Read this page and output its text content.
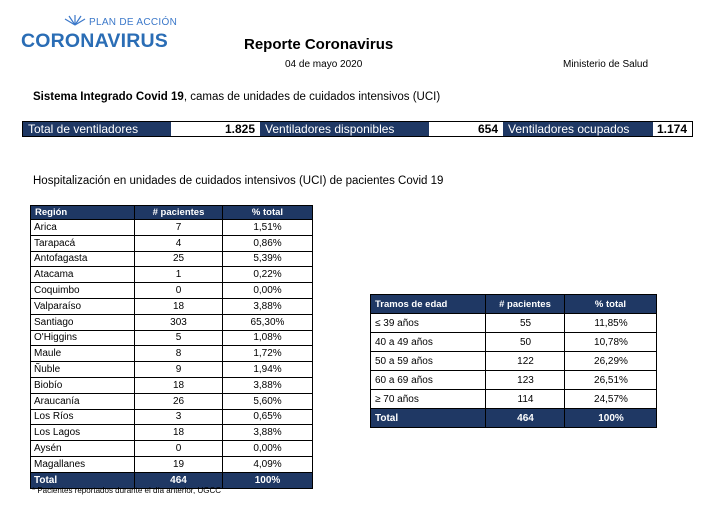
PLAN DE ACCIÓN
CORONAVIRUS	Reporte Coronavirus
04 de mayo 2020	Ministerio de Salud
Sistema Integrado Covid 19, camas de unidades de cuidados intensivos (UCI)
Total de ventiladores	1.825 Ventiladores disponibles	654 Ventiladores ocupados	1.174
Hospitalización en unidades de cuidados intensivos (UCI) de pacientes Covid 19
Región	# pacientes	% total
Arica	7	1,51%
Tarapacá	4	0,86%
Antofagasta	25	5,39%
Atacama	1	0,22%
Coquimbo	0	0,00%
Valparaíso	18	3,88%
Santiago	303	65,30%
O'Higgins	5	1,08%
Maule	8	1,72%
Ñuble	9	1,94%
Biobío	18	3,88%
Araucanía	26	5,60%
Los Ríos	3	0,65%
Los Lagos	18	3,88%
Aysén	0	0,00%
Magallanes	19	4,09%
Total	464	100%
Tramos de edad	# pacientes	% total
≤ 39 años	55	11,85%
40 a 49 años	50	10,78%
50 a 59 años	122	26,29%
60 a 69 años	123	26,51%
≥ 70 años	114	24,57%
Total	464	100%
* Pacientes reportados durante el día anterior, UGCC
